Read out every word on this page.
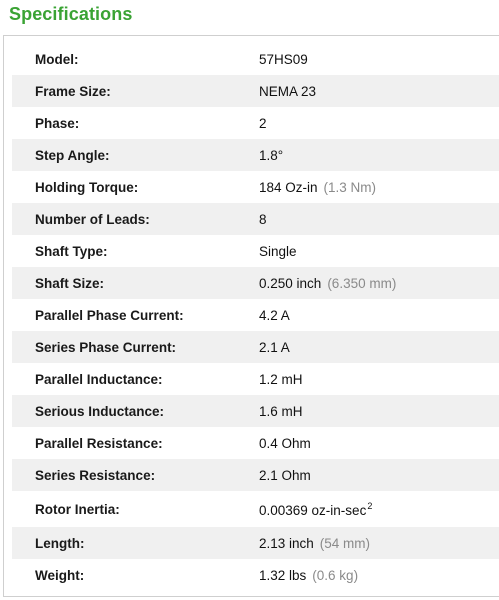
Specifications
Model:	57HS09
Frame Size:	NEMA 23
Phase:	2
Step Angle:	1.8°
Holding Torque:	184 Oz-in (1.3 Nm)
Number of Leads:	8
Shaft Type:	Single
Shaft Size:	0.250 inch (6.350 mm)
Parallel Phase Current:	4.2 A
Series Phase Current:	2.1 A
Parallel Inductance:	1.2 mH
Serious Inductance:	1.6 mH
Parallel Resistance:	0.4 Ohm
Series Resistance:	2.1 Ohm
Rotor Inertia:	0.00369 $oz-in-\sec^2$
Length:	2.13 inch (54 mm)
Weight:	1.32 lbs (0.6 kg)
